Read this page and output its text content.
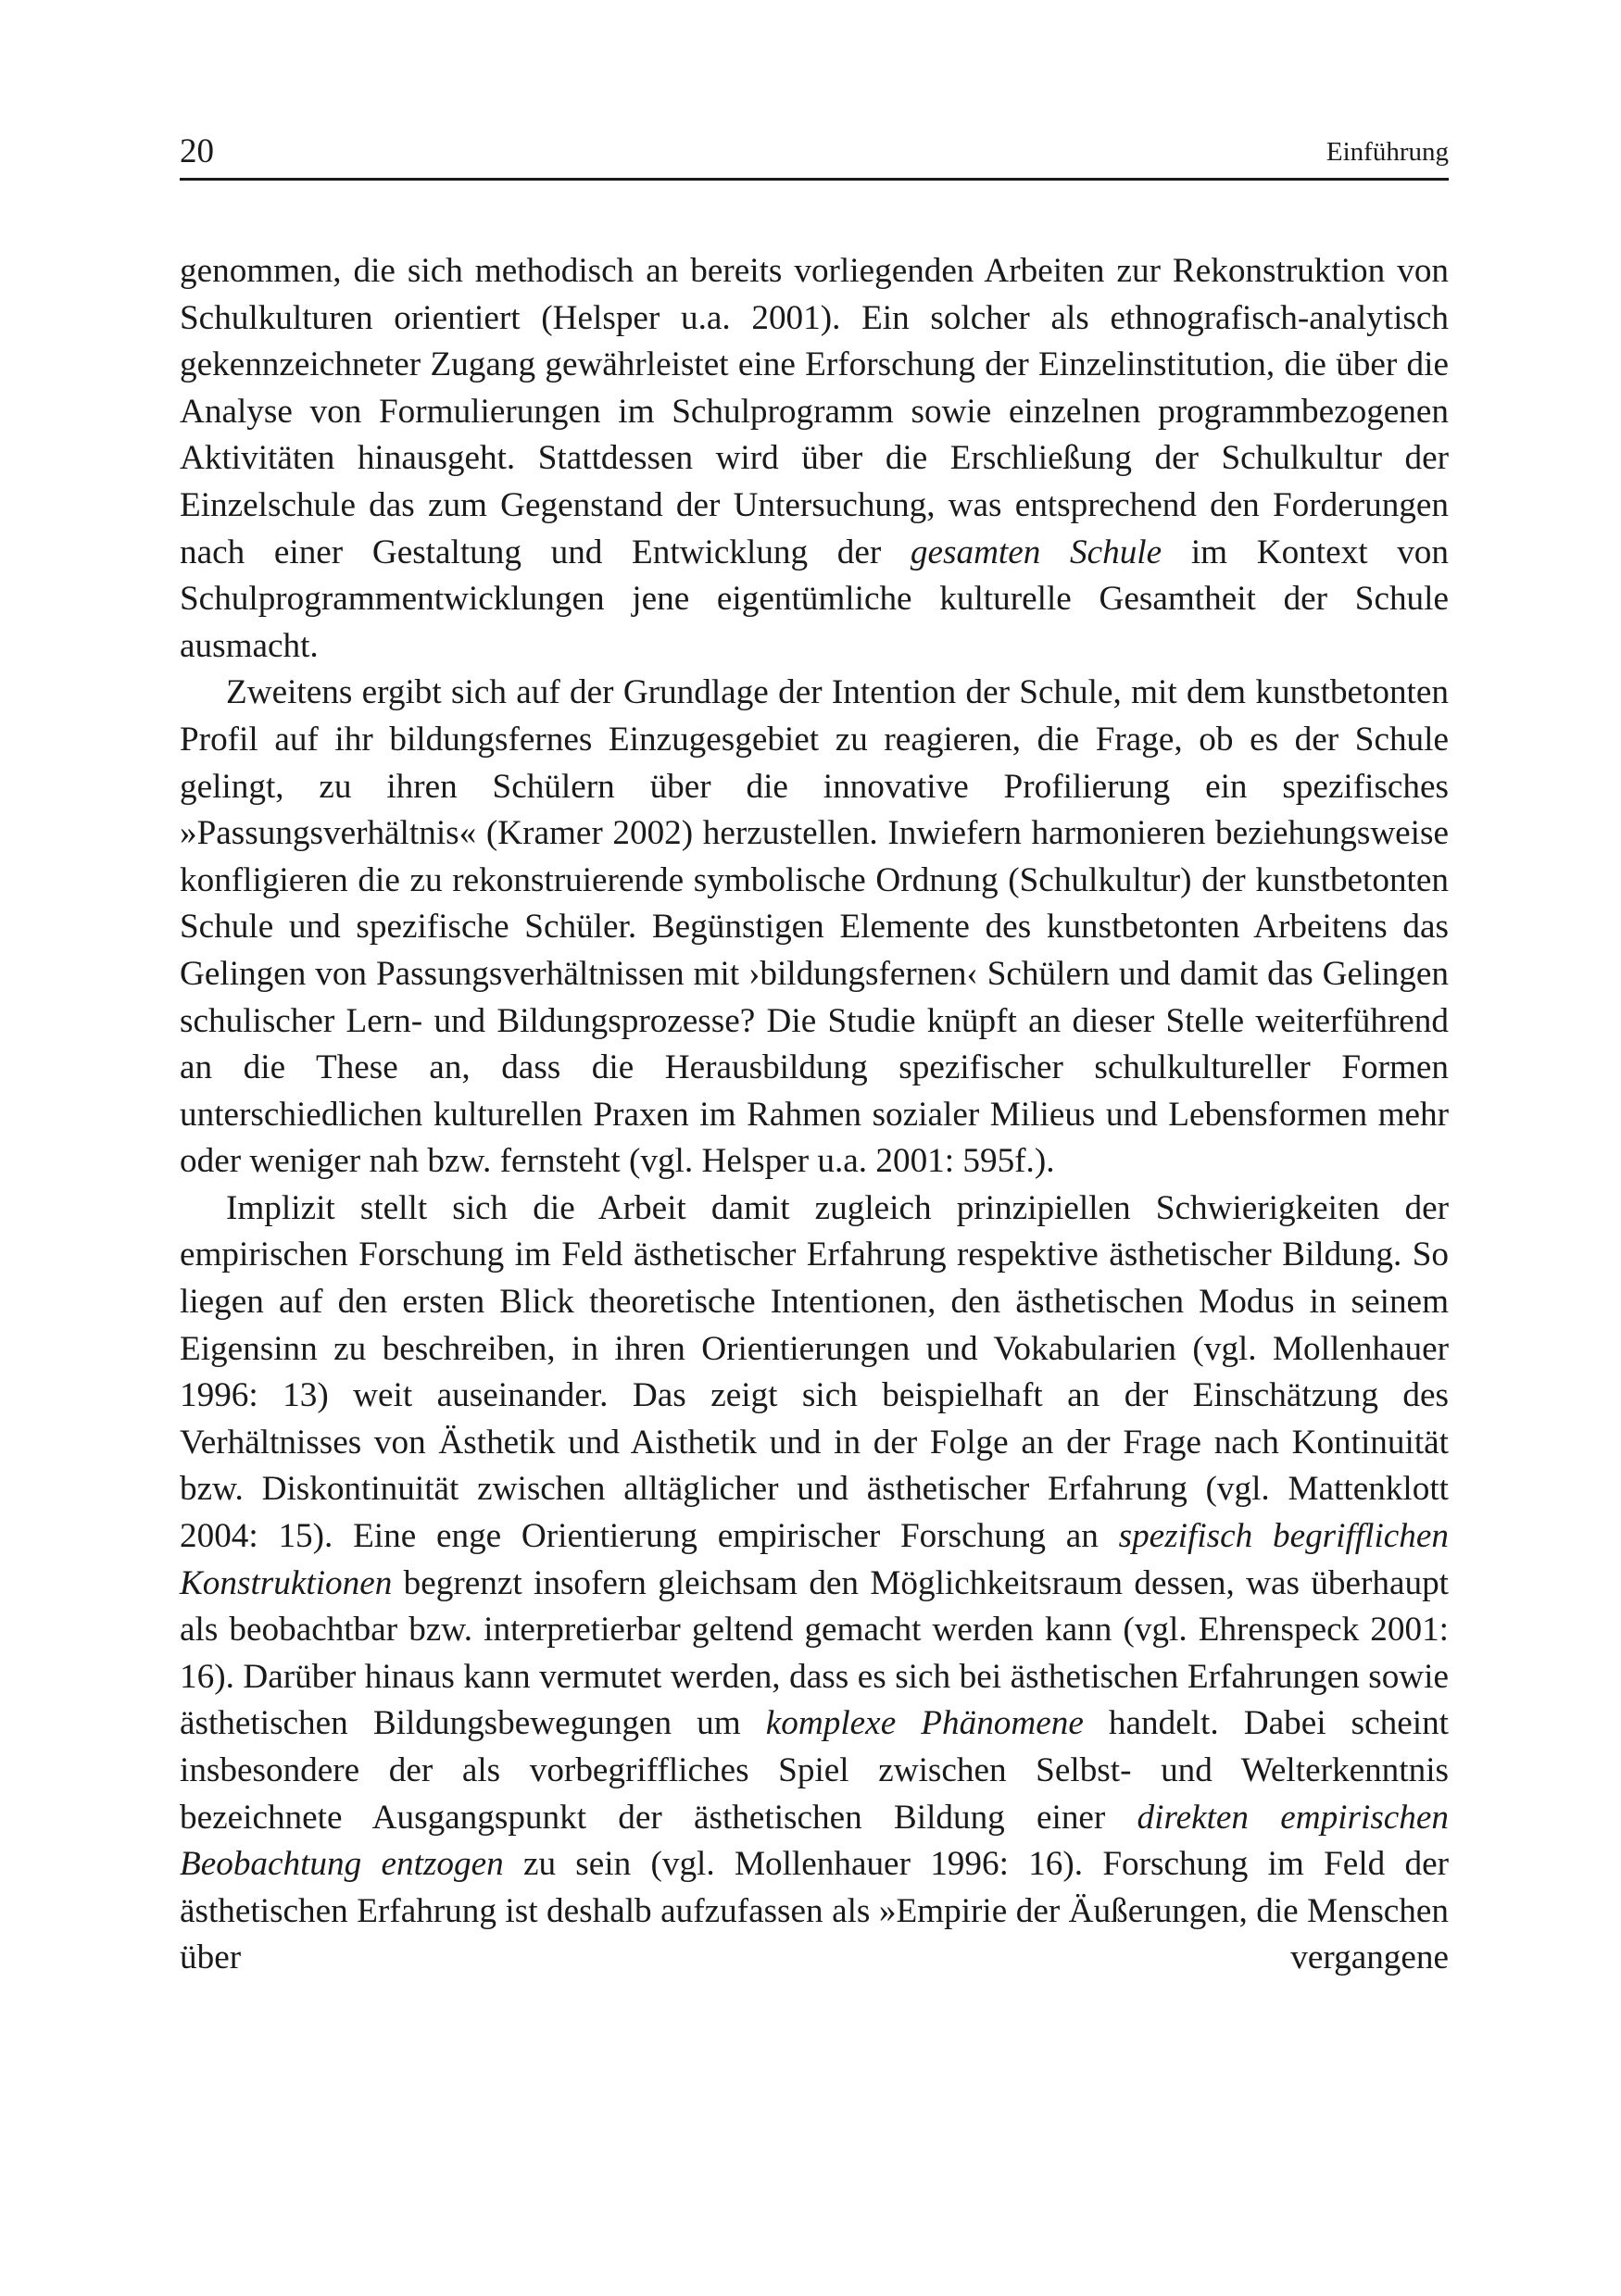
20	Einführung

genommen, die sich methodisch an bereits vorliegenden Arbeiten zur Rekonstruktion von Schulkulturen orientiert (Helsper u.a. 2001). Ein solcher als ethnografisch-analytisch gekennzeichneter Zugang gewährleistet eine Erforschung der Einzelinstitution, die über die Analyse von Formulierungen im Schulprogramm sowie einzelnen programmbezogenen Aktivitäten hinausgeht. Stattdessen wird über die Erschließung der Schulkultur der Einzelschule das zum Gegenstand der Untersuchung, was entsprechend den Forderungen nach einer Gestaltung und Entwicklung der gesamten Schule im Kontext von Schulprogrammentwicklungen jene eigentümliche kulturelle Gesamtheit der Schule ausmacht.

Zweitens ergibt sich auf der Grundlage der Intention der Schule, mit dem kunstbetonten Profil auf ihr bildungsfernes Einzugesgebiet zu reagieren, die Frage, ob es der Schule gelingt, zu ihren Schülern über die innovative Profilierung ein spezifisches »Passungsverhältnis« (Kramer 2002) herzustellen. Inwiefern harmonieren beziehungsweise konfligieren die zu rekonstruierende symbolische Ordnung (Schulkultur) der kunstbetonten Schule und spezifische Schüler. Begünstigen Elemente des kunstbetonten Arbeitens das Gelingen von Passungsverhältnissen mit ›bildungsfernen‹ Schülern und damit das Gelingen schulischer Lern- und Bildungsprozesse? Die Studie knüpft an dieser Stelle weiterführend an die These an, dass die Herausbildung spezifischer schulkultureller Formen unterschiedlichen kulturellen Praxen im Rahmen sozialer Milieus und Lebensformen mehr oder weniger nah bzw. fernsteht (vgl. Helsper u.a. 2001: 595f.).

Implizit stellt sich die Arbeit damit zugleich prinzipiellen Schwierigkeiten der empirischen Forschung im Feld ästhetischer Erfahrung respektive ästhetischer Bildung. So liegen auf den ersten Blick theoretische Intentionen, den ästhetischen Modus in seinem Eigensinn zu beschreiben, in ihren Orientierungen und Vokabularien (vgl. Mollenhauer 1996: 13) weit auseinander. Das zeigt sich beispielhaft an der Einschätzung des Verhältnisses von Ästhetik und Aisthetik und in der Folge an der Frage nach Kontinuität bzw. Diskontinuität zwischen alltäglicher und ästhetischer Erfahrung (vgl. Mattenklott 2004: 15). Eine enge Orientierung empirischer Forschung an spezifisch begrifflichen Konstruktionen begrenzt insofern gleichsam den Möglichkeitsraum dessen, was überhaupt als beobachtbar bzw. interpretierbar geltend gemacht werden kann (vgl. Ehrenspeck 2001: 16). Darüber hinaus kann vermutet werden, dass es sich bei ästhetischen Erfahrungen sowie ästhetischen Bildungsbewegungen um komplexe Phänomene handelt. Dabei scheint insbesondere der als vorbegriffliches Spiel zwischen Selbst- und Welterkenntnis bezeichnete Ausgangspunkt der ästhetischen Bildung einer direkten empirischen Beobachtung entzogen zu sein (vgl. Mollenhauer 1996: 16). Forschung im Feld der ästhetischen Erfahrung ist deshalb aufzufassen als »Empirie der Äußerungen, die Menschen über vergangene
